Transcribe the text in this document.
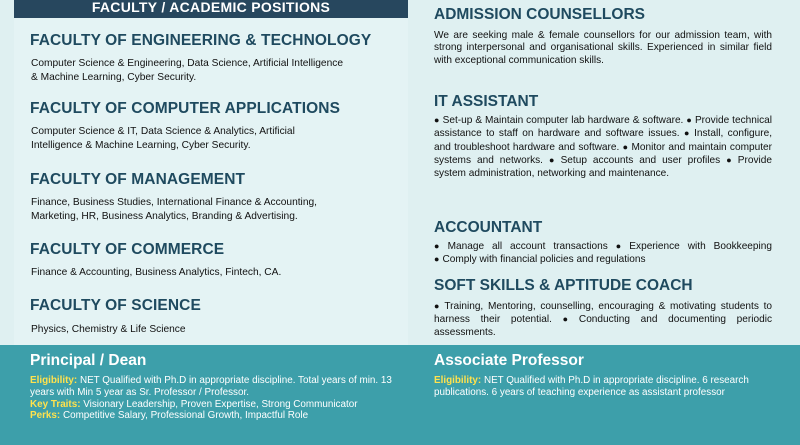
FACULTY / ACADEMIC POSITIONS
FACULTY OF ENGINEERING & TECHNOLOGY
Computer Science & Engineering, Data Science, Artificial Intelligence
& Machine Learning, Cyber Security.
FACULTY OF COMPUTER APPLICATIONS
Computer Science & IT, Data Science & Analytics, Artificial
Intelligence & Machine Learning, Cyber Security.
FACULTY OF MANAGEMENT
Finance, Business Studies, International Finance & Accounting,
Marketing, HR, Business Analytics, Branding & Advertising.
FACULTY OF COMMERCE
Finance & Accounting, Business Analytics, Fintech, CA.
FACULTY OF SCIENCE
Physics, Chemistry & Life Science
ADMISSION COUNSELLORS
We are seeking male & female counsellors for our admission team, with strong interpersonal and organisational skills. Experienced in similar field with exceptional communication skills.
IT ASSISTANT
● Set-up & Maintain computer lab hardware & software. ● Provide technical assistance to staff on hardware and software issues. ● Install, configure, and troubleshoot hardware and software. ● Monitor and maintain computer systems and networks. ● Setup accounts and user profiles ● Provide system administration, networking and maintenance.
ACCOUNTANT
● Manage all account transactions ● Experience with Bookkeeping ● Comply with financial policies and regulations
SOFT SKILLS & APTITUDE COACH
● Training, Mentoring, counselling, encouraging & motivating students to harness their potential. ● Conducting and documenting periodic assessments.
Principal / Dean
Eligibility: NET Qualified with Ph.D in appropriate discipline. Total years of min. 13 years with Min 5 year as Sr. Professor / Professor.
Key Traits: Visionary Leadership, Proven Expertise, Strong Communicator
Perks: Competitive Salary, Professional Growth, Impactful Role
Associate Professor
Eligibility: NET Qualified with Ph.D in appropriate discipline. 6 research publications. 6 years of teaching experience as assistant professor
